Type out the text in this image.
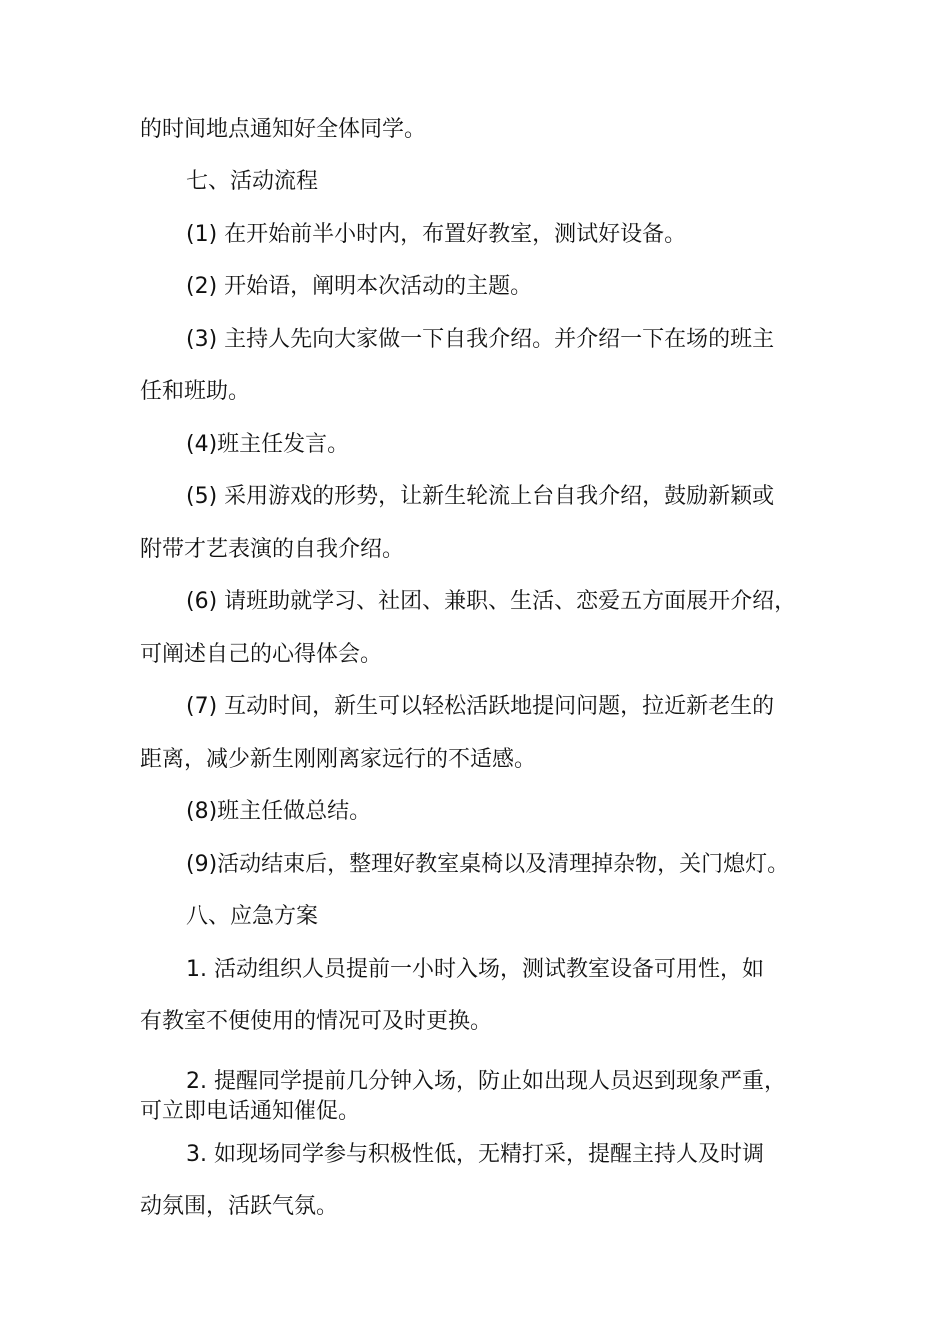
的时间地点通知好全体同学。
七、活动流程
(1) 在开始前半小时内，布置好教室，测试好设备。
(2) 开始语，阐明本次活动的主题。
(3) 主持人先向大家做一下自我介绍。并介绍一下在场的班主
任和班助。
(4)班主任发言。
(5) 采用游戏的形势，让新生轮流上台自我介绍，鼓励新颖或
附带才艺表演的自我介绍。
(6) 请班助就学习、社团、兼职、生活、恋爱五方面展开介绍，
可阐述自己的心得体会。
(7) 互动时间，新生可以轻松活跃地提问问题，拉近新老生的
距离，减少新生刚刚离家远行的不适感。
(8)班主任做总结。
(9)活动结束后，整理好教室桌椅以及清理掉杂物，关门熄灯。
八、应急方案
1. 活动组织人员提前一小时入场，测试教室设备可用性，如
有教室不便使用的情况可及时更换。
2. 提醒同学提前几分钟入场，防止如出现人员迟到现象严重，
可立即电话通知催促。
3. 如现场同学参与积极性低，无精打采，提醒主持人及时调
动氛围，活跃气氛。
